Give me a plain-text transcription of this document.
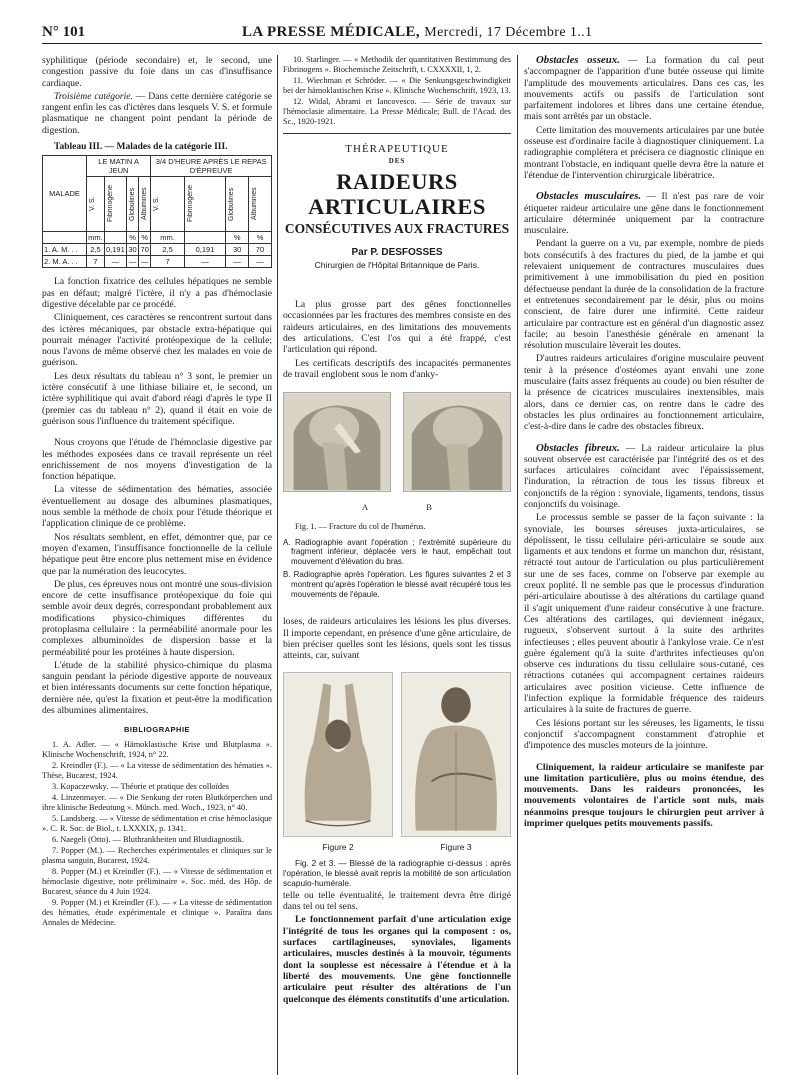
N° 101	LA PRESSE MÉDICALE, Mercredi, 17 Décembre 1..1

syphilitique (période secondaire) et, le second, une congestion passive du foie dans un cas d'insuffisance cardiaque.

Troisième catégorie. — Dans cette dernière catégorie se rangent enfin les cas d'ictères dans lesquels V. S. et formule plasmatique ne changent point pendant la période de digestion.

Tableau III. — Malades de la catégorie III.

MALADE	LE MATIN A JEUN				3/4 D'HEURE APRÈS LE REPAS D'ÉPREUVE			

	V. S.	Fibrinogène	Globulines	Albumines	V. S.	Fibrinogène	Globulines	Albumines

	mm.		%	%	mm.		%	%
1. A. M. . .	2,5	0,191	30	70	2,5	0,191	30	70
2. M. A. . .	7	—	—	—	7	—	—	—

La fonction fixatrice des cellules hépatiques ne semble pas en défaut; malgré l'ictère, il n'y a pas d'hémoclasie digestive décelable par ce procédé.

Cliniquement, ces caractères se rencontrent surtout dans des ictères mécaniques, par obstacle extra-hépatique qui pourrait ménager l'activité protéopexique de la cellule; nous l'avons de même observé chez les malades en voie de guérison.

Les deux résultats du tableau n° 3 sont, le premier un ictère consécutif à une lithiase biliaire et, le second, un ictère syphilitique qui avait d'abord réagi d'après le type II (premier cas du tableau n° 2), quand il était en voie de guérison sous l'influence du traitement spécifique.

Nous croyons que l'étude de l'hémoclasie digestive par les méthodes exposées dans ce travail représente un réel enrichissement de nos moyens d'investigation de la fonction hépatique.

La vitesse de sédimentation des hématies, associée éventuellement au dosage des albumines plasmatiques, nous semble la méthode de choix pour l'étude théorique et l'application clinique de ce problème.

Nos résultats semblent, en effet, démontrer que, par ce moyen d'examen, l'insuffisance fonctionnelle de la cellule hépatique peut être encore plus nettement mise en évidence que par la numération des leucocytes.

De plus, ces épreuves nous ont montré une sous-division encore de cette insuffisance protéopexique du foie qui semble avoir deux degrés, correspondant probablement aux modifications physico-chimiques différentes du protoplasma cellulaire : la perméabilité anormale pour les complexes albuminoïdes de dispersion basse et la perméabilité pour les protéines à haute dispersion.

L'étude de la stabilité physico-chimique du plasma sanguin pendant la période digestive apporte de nouveaux et bien intéressants documents sur cette fonction hépatique, dernière née, qu'est la fixation et peut-être la modification des albumines alimentaires.

BIBLIOGRAPHIE

1. A. Adler. — « Hämoklastische Krise und Blutplasma ». Klinische Wochenschrift, 1924, n° 22.

2. Kreindler (F.). — « La vitesse de sédimentation des hématies ». Thèse, Bucarest, 1924.

3. Kopaczewsky. — Théorie et pratique des colloïdes

4. Linzenmayer. — « Die Senkung der roten Blutkörperchen und ihre klinische Bedeutung ». Münch. med. Woch., 1923, n° 40.

5. Landsberg. — « Vitesse de sédimentation et crise hémoclasique ». C. R. Soc. de Biol., t. LXXXIX, p. 1341.

6. Naegeli (Otto). — Bluthrankheiten und Blutdiagnostik.

7. Popper (M.). — Recherches expérimentales et cliniques sur le plasma sanguin, Bucarest, 1924.

8. Popper (M.) et Kreindler (F.). — « Vitesse de sédimentation et hémoclasie digestive, note préliminaire ». Soc. méd. des Hôp. de Bucarest, séance du 4 Juin 1924.

9. Popper (M.) et Kreindler (F.). — « La vitesse de sédimentation des hématies, étude expérimentale et clinique ». Paraîtra dans Annales de Médecine.

10. Starlinger. — « Methodik der quantitativen Bestimmung des Fibrinogens ». Biochemische Zeitschrift, t. CXXXXII, 1, 2.

11. Wiechman et Schröder. — « Die Senkungsgeschwindigkeit bei der hämoklastischen Krise ». Klinische Wochenschrift, 1923, 13.

12. Widal, Abrami et Iancovesco. — Série de travaux sur l'hémoclasie alimentaire. La Presse Médicale; Bull. de l'Acad. des Sc., 1920-1921.

THÉRAPEUTIQUE
DES
RAIDEURS ARTICULAIRES
CONSÉCUTIVES AUX FRACTURES
Par P. DESFOSSES
Chirurgien de l'Hôpital Britannique de Paris.

La plus grosse part des gênes fonctionnelles occasionnées par les fractures des membres consiste en des raideurs articulaires, en des limitations des mouvements des articulations. C'est l'os qui a été frappé, c'est l'articulation qui répond.

Les certificats descriptifs des incapacités permanentes de travail englobent sous le nom d'anky-

A	B

Fig. 1. — Fracture du col de l'humérus.

A. Radiographie avant l'opération ; l'extrémité supérieure du fragment inférieur, déplacée vers le haut, empêchait tout mouvement d'élévation du bras.

B. Radiographie après l'opération. Les figures suivantes 2 et 3 montrent qu'après l'opération le blessé avait récupéré tous les mouvements de l'épaule.

loses, de raideurs articulaires les lésions les plus diverses. Il importe cependant, en présence d'une gêne articulaire, de bien préciser quelles sont les lésions, quels sont les tissus atteints, car, suivant

Figure 2	Figure 3

Fig. 2 et 3. — Blessé de la radiographie ci-dessus : après l'opération, le blessé avait repris la mobilité de son articulation scapulo-humérale.

telle ou telle éventualité, le traitement devra être dirigé dans tel ou tel sens.

Le fonctionnement parfait d'une articulation exige l'intégrité de tous les organes qui la composent : os, surfaces cartilagineuses, synoviales, ligaments articulaires, muscles destinés à la mouvoir, téguments dont la souplesse est nécessaire à l'étendue et à la liberté des mouvements. Une gêne fonctionnelle articulaire peut résulter des altérations de l'un quelconque des éléments constitutifs d'une articulation.

Obstacles osseux. — La formation du cal peut s'accompagner de l'apparition d'une butée osseuse qui limite l'amplitude des mouvements articulaires. Dans ces cas, les mouvements actifs ou passifs de l'articulation sont parfaitement indolores et libres dans une certaine étendue, mais sont arrêtés par un obstacle.

Cette limitation des mouvements articulaires par une butée osseuse est d'ordinaire facile à diagnostiquer cliniquement. La radiographie complétera et précisera ce diagnostic clinique en montrant l'obstacle, en indiquant quelle devra être la nature et l'étendue de l'intervention chirurgicale libératrice.

Obstacles musculaires. — Il n'est pas rare de voir étiqueter raideur articulaire une gêne dans le fonctionnement articulaire déterminée uniquement par la contracture musculaire.

Pendant la guerre on a vu, par exemple, nombre de pieds bots consécutifs à des fractures du pied, de la jambe et qui relevaient uniquement de contractures musculaires dues primitivement à une immobilisation du pied en position défectueuse pendant la durée de la consolidation de la fracture et entretenues secondairement par le désir, plus ou moins conscient, de faire durer une infirmité. Cette raideur articulaire par contracture est en général d'un diagnostic assez facile; au besoin l'anesthésie générale en amenant la résolution musculaire lèverait les doutes.

D'autres raideurs articulaires d'origine musculaire peuvent tenir à la présence d'ostéomes ayant envahi une zone musculaire (faits assez fréquents au coude) ou bien résulter de la présence de cicatrices musculaires inextensibles, mais alors, dans ce dernier cas, on rentre dans le cadre des obstacles les plus ordinaires au fonctionnement articulaire, c'est-à-dire dans le cadre des obstacles fibreux.

Obstacles fibreux. — La raideur articulaire la plus souvent observée est caractérisée par l'intégrité des os et des surfaces articulaires coïncidant avec l'épaississement, l'induration, la rétraction de tous les tissus fibreux et conjonctifs de la région : synoviale, ligaments, tendons, tissus conjonctifs du voisinage.

Le processus semble se passer de la façon suivante : la synoviale, les bourses séreuses juxta-articulaires, se dépolissent, le tissu cellulaire péri-articulaire se soude aux ligaments et aux tendons et forme un manchon dur, résistant, rétracté tout autour de l'articulation ou plus particulièrement sur une de ses faces, comme on l'observe par exemple au creux poplité. Il ne semble pas que le processus d'induration péri-articulaire aboutisse à des altérations du cartilage quand il s'agit uniquement d'une raideur consécutive à une fracture. Ces altérations des cartilages, qui deviennent inégaux, rugueux, s'observent surtout à la suite des arthrites infectieuses ; elles peuvent aboutir à l'ankylose vraie. Ce n'est guère également qu'à la suite d'arthrites infectieuses qu'on observe ces indurations du tissu cellulaire sous-cutané, ces rétractions cutanées qui accompagnent certaines raideurs articulaires avec position vicieuse. Cette influence de l'infection explique la formidable fréquence des raideurs articulaires à la suite de fractures de guerre.

Ces lésions portant sur les séreuses, les ligaments, le tissu conjonctif s'accompagnent constamment d'atrophie et d'impotence des muscles moteurs de la jointure.

Cliniquement, la raideur articulaire se manifeste par une limitation particulière, plus ou moins étendue, des mouvements. Dans les raideurs prononcées, les mouvements volontaires de l'article sont nuls, mais néanmoins presque toujours le chirurgien peut arriver à imprimer quelques petits mouvements passifs.
